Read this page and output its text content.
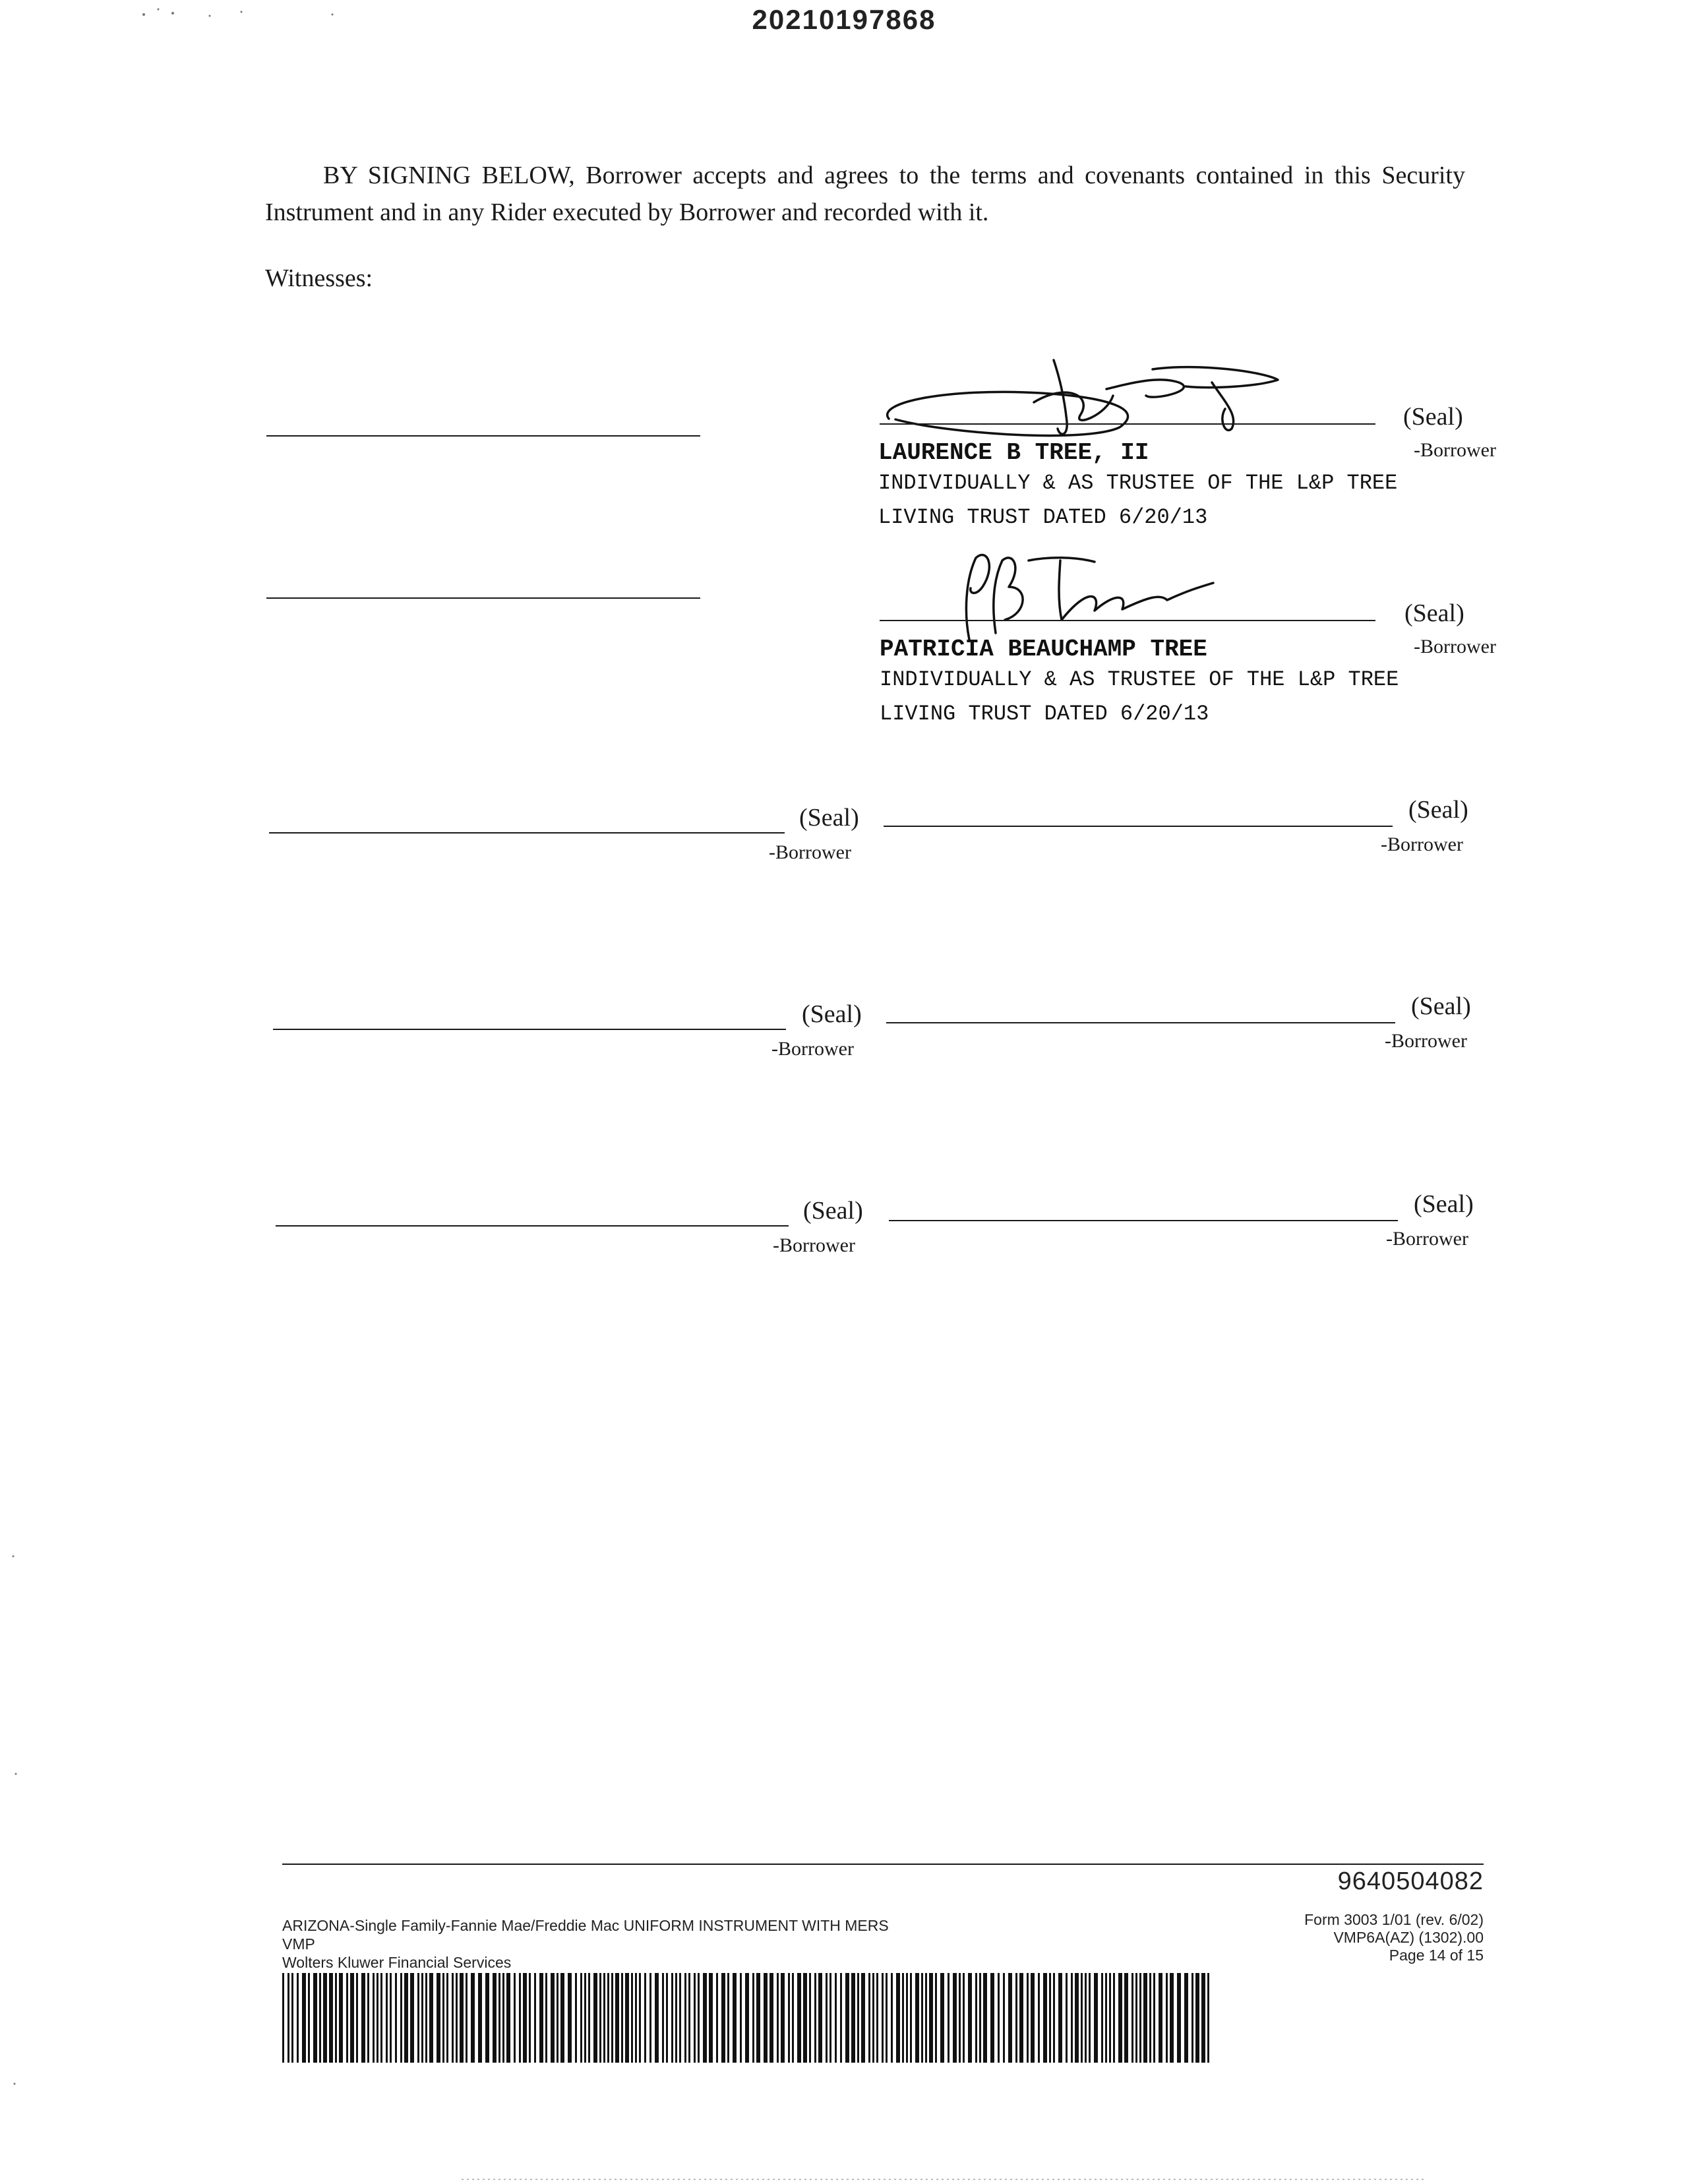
20210197868
BY SIGNING BELOW, Borrower accepts and agrees to the terms and covenants contained in this Security Instrument and in any Rider executed by Borrower and recorded with it.
Witnesses:
(Seal)
-Borrower
LAURENCE B TREE, II
INDIVIDUALLY & AS TRUSTEE OF THE L&P TREE
LIVING TRUST DATED 6/20/13
(Seal)
-Borrower
PATRICIA BEAUCHAMP TREE
INDIVIDUALLY & AS TRUSTEE OF THE L&P TREE
LIVING TRUST DATED 6/20/13
(Seal)
-Borrower
(Seal)
-Borrower
(Seal)
-Borrower
(Seal)
-Borrower
(Seal)
-Borrower
(Seal)
-Borrower
9640504082
ARIZONA-Single Family-Fannie Mae/Freddie Mac UNIFORM INSTRUMENT WITH MERS
VMP
Wolters Kluwer Financial Services
Form 3003 1/01 (rev. 6/02)
VMP6A(AZ) (1302).00
Page 14 of 15
